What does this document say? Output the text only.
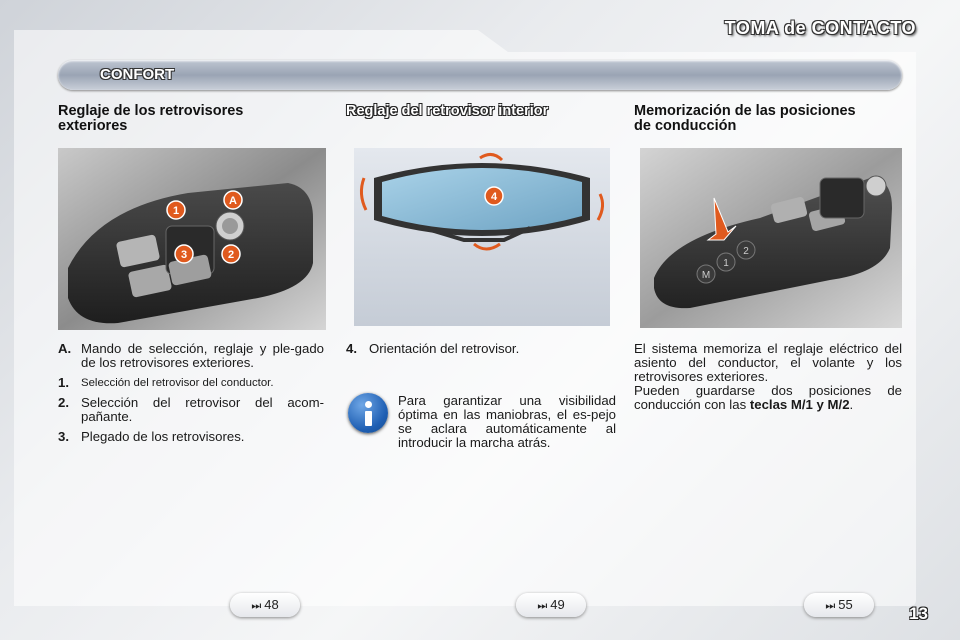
TOMA de CONTACTO
CONFORT
Reglaje de los retrovisores
exteriores
1
A
3	2
A. Mando de selección, reglaje y ple-gado de los retrovisores exteriores.
1.	Selección del retrovisor del conductor.
2. Selección del retrovisor del acom-pañante.
3. Plegado de los retrovisores.
Reglaje del retrovisor interior
4
4. Orientación del retrovisor.
Para garantizar una visibilidad óptima en las maniobras, el es-pejo se aclara automáticamente al introducir la marcha atrás.
Memorización de las posiciones
de conducción
M
1
2
El sistema memoriza el reglaje eléctrico del asiento del conductor, el volante y los retrovisores exteriores.
Pueden guardarse dos posiciones de conducción con las teclas M/1 y M/2.
⏭ 48	⏭ 49	⏭ 55	13
